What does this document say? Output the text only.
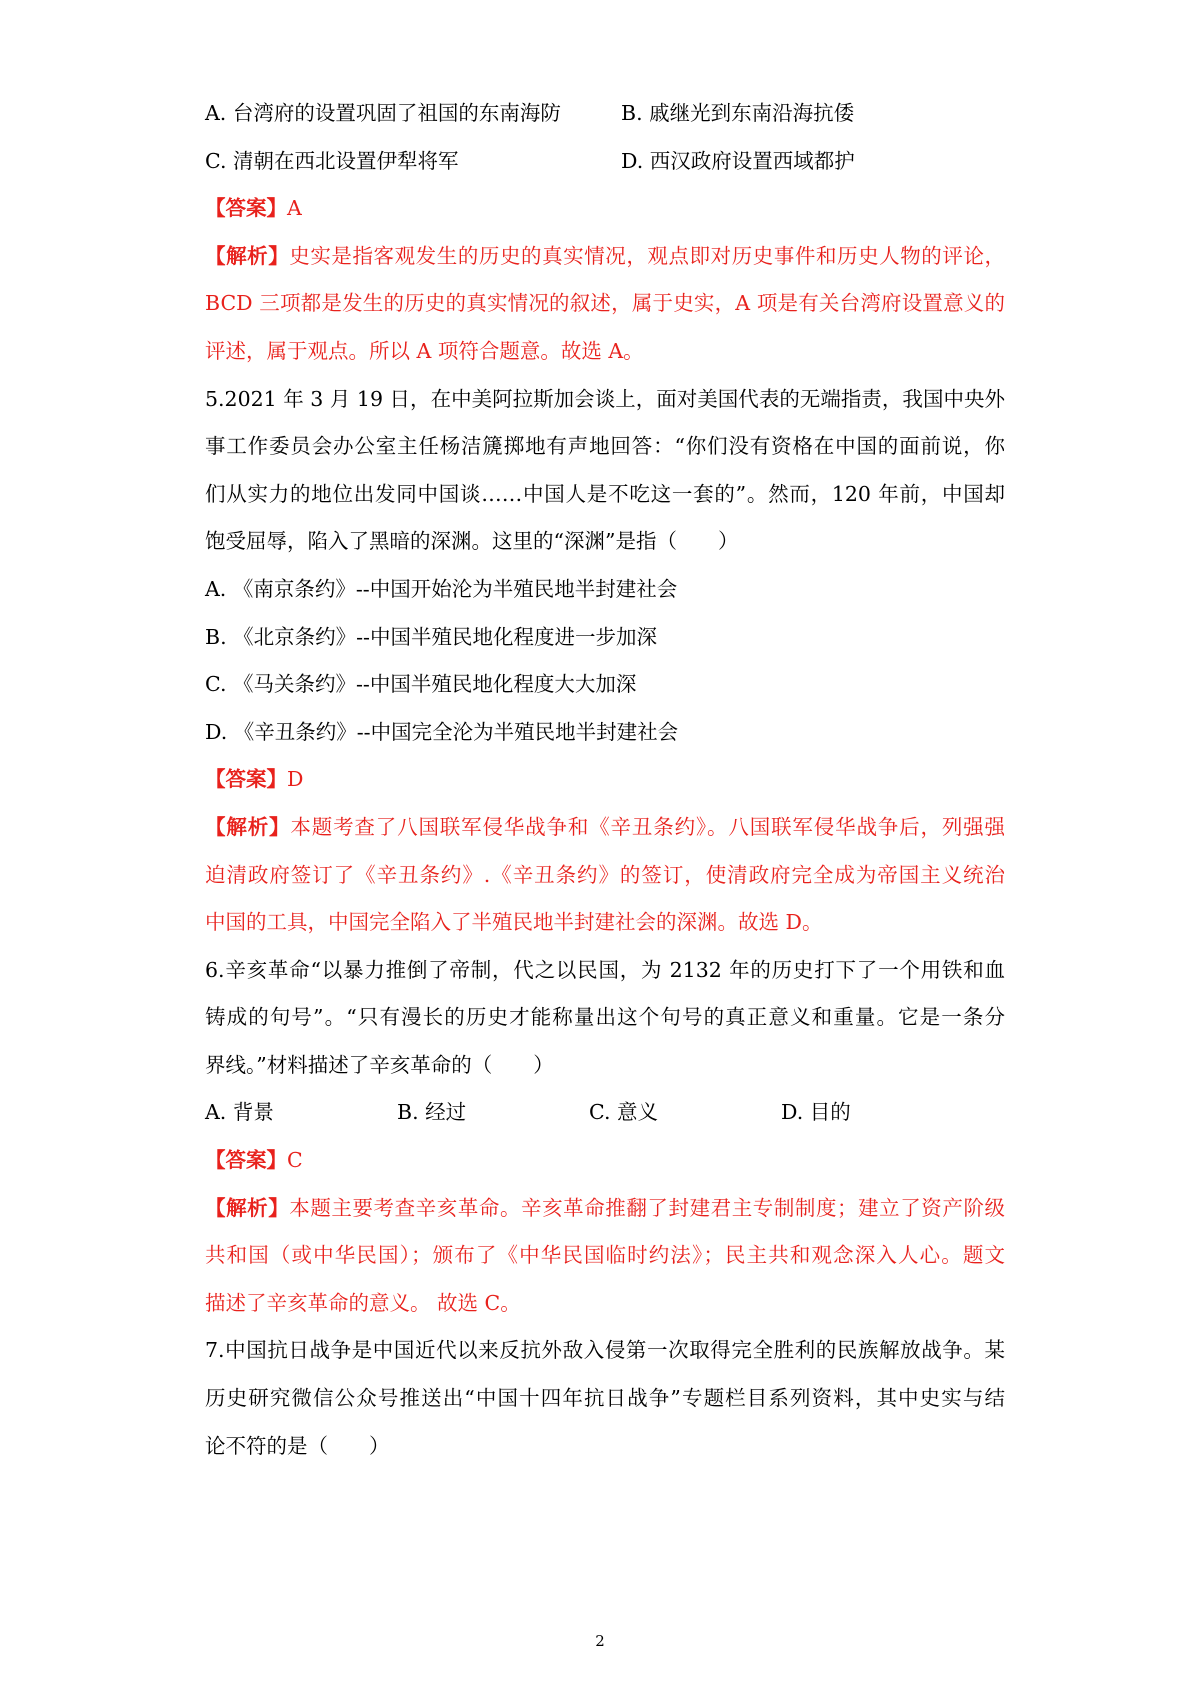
A. 台湾府的设置巩固了祖国的东南海防	B. 戚继光到东南沿海抗倭
C. 清朝在西北设置伊犁将军	D. 西汉政府设置西域都护
【答案】 A
【解析】史实是指客观发生的历史的真实情况，观点即对历史事件和历史人物的评论，
BCD 三项都是发生的历史的真实情况的叙述，属于史实，A 项是有关台湾府设置意义的
评述，属于观点。所以 A 项符合题意。故选 A。
5.2021 年 3 月 19 日，在中美阿拉斯加会谈上，面对美国代表的无端指责，我国中央外
事工作委员会办公室主任杨洁篪掷地有声地回答：“你们没有资格在中国的面前说，你
们从实力的地位出发同中国谈……中国人是不吃这一套的”。然而，120 年前，中国却
饱受屈辱，陷入了黑暗的深渊。这里的“深渊”是指（　　）
A. 《南京条约》--中国开始沦为半殖民地半封建社会
B. 《北京条约》--中国半殖民地化程度进一步加深
C. 《马关条约》--中国半殖民地化程度大大加深
D. 《辛丑条约》--中国完全沦为半殖民地半封建社会
【答案】 D
【解析】本题考查了八国联军侵华战争和《辛丑条约》。八国联军侵华战争后，列强强
迫清政府签订了《辛丑条约》.《辛丑条约》的签订，使清政府完全成为帝国主义统治
中国的工具，中国完全陷入了半殖民地半封建社会的深渊。故选 D。
6.辛亥革命“以暴力推倒了帝制，代之以民国，为 2132 年的历史打下了一个用铁和血
铸成的句号”。“只有漫长的历史才能称量出这个句号的真正意义和重量。它是一条分
界线。”材料描述了辛亥革命的（　　）
A. 背景	B. 经过	C. 意义	D. 目的
【答案】 C
【解析】本题主要考查辛亥革命。辛亥革命推翻了封建君主专制制度；建立了资产阶级
共和国（或中华民国）；颁布了《中华民国临时约法》；民主共和观念深入人心。题文
描述了辛亥革命的意义。 故选 C。
7.中国抗日战争是中国近代以来反抗外敌入侵第一次取得完全胜利的民族解放战争。某
历史研究微信公众号推送出“中国十四年抗日战争”专题栏目系列资料，其中史实与结
论不符的是（　　）
2
